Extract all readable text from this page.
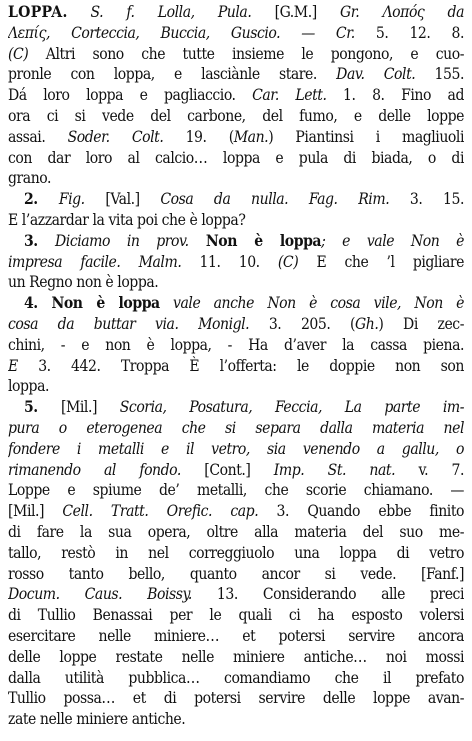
LOPPA. S. f. Lolla, Pula. [G.M.] Gr. Λοπός da
Λεπίς, Corteccia, Buccia, Guscio. — Cr. 5. 12. 8.
(C) Altri sono che tutte insieme le pongono, e cuo-
pronle con loppa, e lasciànle stare. Dav. Colt. 155.
Dá loro loppa e pagliaccio. Car. Lett. 1. 8. Fino ad
ora ci si vede del carbone, del fumo, e delle loppe
assai. Soder. Colt. 19. (Man.) Piantinsi i magliuoli
con dar loro al calcio… loppa e pula di biada, o di
grano.
2. Fig. [Val.] Cosa da nulla. Fag. Rim. 3. 15.
E l’azzardar la vita poi che è loppa?
3. Diciamo in prov. Non è loppa; e vale Non è
impresa facile. Malm. 11. 10. (C) E che ’l pigliare
un Regno non è loppa.
4. Non è loppa vale anche Non è cosa vile, Non è
cosa da buttar via. Monigl. 3. 205. (Gh.) Di zec-
chini, - e non è loppa, - Ha d’aver la cassa piena.
E 3. 442. Troppa È l’offerta: le doppie non son
loppa.
5. [Mil.] Scoria, Posatura, Feccia, La parte im-
pura o eterogenea che si separa dalla materia nel
fondere i metalli e il vetro, sia venendo a gallu, o
rimanendo al fondo. [Cont.] Imp. St. nat. v. 7.
Loppe e spiume de’ metalli, che scorie chiamano. —
[Mil.] Cell. Tratt. Orefic. cap. 3. Quando ebbe finito
di fare la sua opera, oltre alla materia del suo me-
tallo, restò in nel correggiuolo una loppa di vetro
rosso tanto bello, quanto ancor si vede. [Fanf.]
Docum. Caus. Boissy. 13. Considerando alle preci
di Tullio Benassai per le quali ci ha esposto volersi
esercitare nelle miniere… et potersi servire ancora
delle loppe restate nelle miniere antiche… noi mossi
dalla utilità pubblica… comandiamo che il prefato
Tullio possa… et di potersi servire delle loppe avan-
zate nelle miniere antiche.
